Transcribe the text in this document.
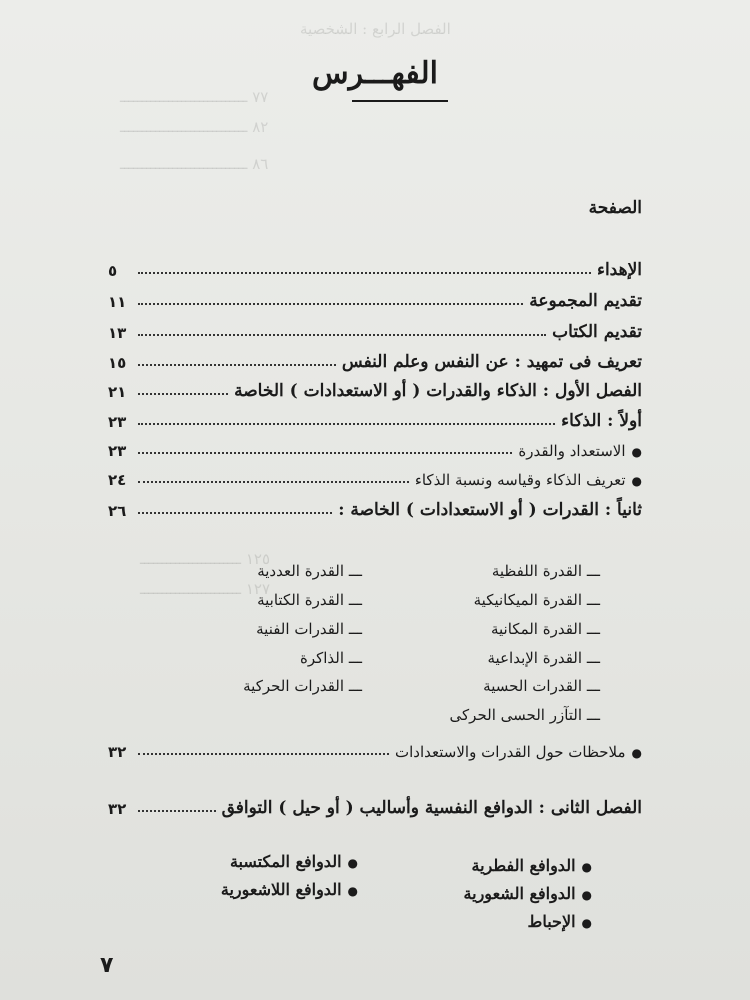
الفصل الرابع : الشخصية
٧٧ ـــــــــــــــــــــــــــــ
٨٢ ـــــــــــــــــــــــــــــ
٨٦ ـــــــــــــــــــــــــــــ
١٢٥ ـــــــــــــــــــــــ
١٢٧ ـــــــــــــــــــــــ
الفهـــرس
الصفحة
الإهداء
٥
تقديم المجموعة
١١
تقديم الكتاب
١٣
تعريف فى تمهيد : عن النفس وعلم النفس
١٥
الفصل الأول : الذكاء والقدرات ( أو الاستعدادات ) الخاصة
٢١
أولاً : الذكاء
٢٣
●الاستعداد والقدرة
٢٣
●تعريف الذكاء وقياسه ونسبة الذكاء
٢٤
ثانياً : القدرات ( أو الاستعدادات ) الخاصة :
٢٦
ـــ القدرة اللفظية
ـــ القدرة الميكانيكية
ـــ القدرة المكانية
ـــ القدرة الإبداعية
ـــ القدرات الحسية
ـــ التآزر الحسى الحركى
ـــ القدرة العددية
ـــ القدرة الكتابية
ـــ القدرات الفنية
ـــ الذاكرة
ـــ القدرات الحركية
●ملاحظات حول القدرات والاستعدادات
٣٢
الفصل الثانى : الدوافع النفسية وأساليب ( أو حيل ) التوافق
٣٢
●الدوافع الفطرية
●الدوافع الشعورية
●الإحباط
●الدوافع المكتسبة
●الدوافع اللاشعورية
٧
